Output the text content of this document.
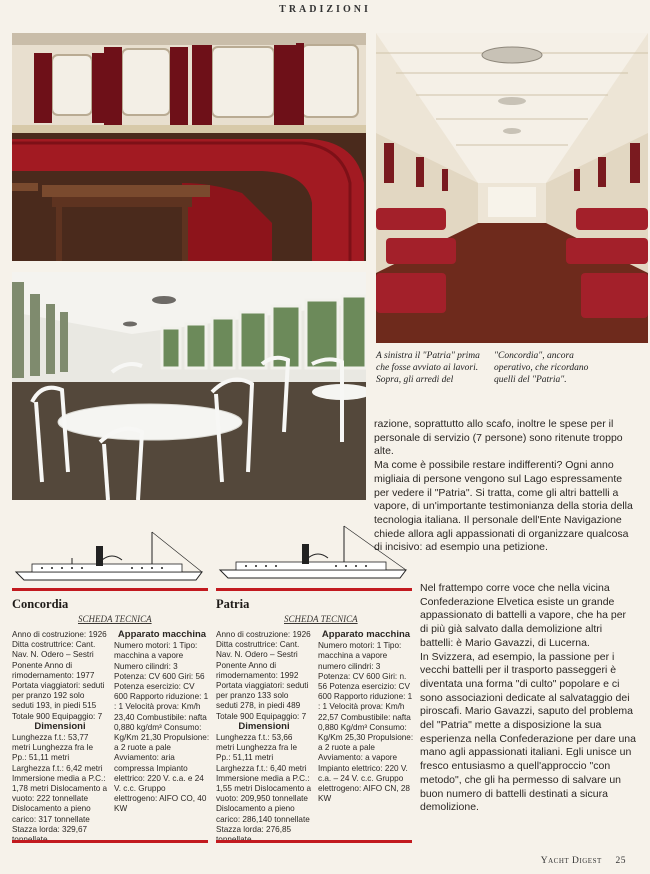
TRADIZIONI
A sinistra il "Patria" prima che fosse avviato ai lavori. Sopra, gli arredi del
"Concordia", ancora operativo, che ricordano quelli del "Patria".

razione, soprattutto allo scafo, inoltre le spese per il personale di servizio (7 persone) sono ritenute troppo alte.

Ma come è possibile restare indifferenti? Ogni anno migliaia di persone vengono sul Lago espressamente per vedere il "Patria". Si tratta, come gli altri battelli a vapore, di un'importante testimonianza della storia della tecnologia italiana. Il personale dell'Ente Navigazione chiede allora agli appassionati di organizzare qualcosa di incisivo: ad esempio una petizione.

Nel frattempo corre voce che nella vicina Confederazione Elvetica esiste un grande appassionato di battelli a vapore, che ha per di più già salvato dalla demolizione altri battelli: è Mario Gavazzi, di Lucerna.

In Svizzera, ad esempio, la passione per i vecchi battelli per il trasporto passeggeri è diventata una forma "di culto" popolare e ci sono associazioni dedicate al salvataggio dei piroscafi. Mario Gavazzi, saputo del problema del "Patria" mette a disposizione la sua esperienza nella Confederazione per dare una mano agli appassionati italiani. Egli unisce un fresco entusiasmo a quell'approccio "con metodo", che gli ha permesso di salvare un buon numero di battelli destinati a sicura demolizione.

Concordia
SCHEDA TECNICA
Anno di costruzione: 1926 Ditta costruttrice: Cant. Nav. N. Odero – Sestri Ponente Anno di rimodernamento: 1977 Portata viaggiatori: seduti per pranzo 192 solo seduti 193, in piedi 515 Totale 900 Equipaggio: 7
Dimensioni
Lunghezza f.t.: 53,77 metri Lunghezza fra le Pp.: 51,11 metri Larghezza f.t.: 6,42 metri Immersione media a P.C.: 1,78 metri Dislocamento a vuoto: 222 tonnellate Dislocamento a pieno carico: 317 tonnellate Stazza lorda: 329,67
Apparato macchina
Numero motori: 1 Tipo: macchina a vapore Numero cilindri: 3 Potenza: CV 600 Giri: 56 Potenza esercizio: CV 600 Rapporto riduzione: 1 : 1 Velocità prova: Km/h 23,40 Combustibile: nafta 0,880 kg/dm³ Consumo: Kg/Km 21,30 Propulsione: a 2 ruote a pale Avviamento: aria compressa Impianto elettrico: 220 V. c.a. e 24 V. c.c. Gruppo elettrogeno: AIFO CO, 40 KW
Patria
SCHEDA TECNICA
Anno di costruzione: 1926 Ditta costruttrice: Cant. Nav. N. Odero – Sestri Ponente Anno di rimodernamento: 1992 Portata viaggiatori: seduti per pranzo 133 solo seduti 278, in piedi 489 Totale 900 Equipaggio: 7
Dimensioni
Lunghezza f.t.: 53,66 metri Lunghezza fra le Pp.: 51,11 metri Larghezza f.t.: 6,40 metri Immersione media a P.C.: 1,55 metri Dislocamento a vuoto: 209,950 tonnellate Dislocamento a pieno carico: 286,140 tonnellate Stazza lorda: 276,85
Apparato macchina
Numero motori: 1 Tipo: macchina a vapore numero cilindri: 3 Potenza: CV 600 Giri: n. 56 Potenza esercizio: CV 600 Rapporto riduzione: 1 : 1 Velocità prova: Km/h 22,57 Combustibile: nafta 0,880 Kg/dm³ Consumo: Kg/Km 25,30 Propulsione: a 2 ruote a pale Avviamento: a vapore Impianto elettrico: 220 V. c.a. – 24 V. c.c. Gruppo elettrogeno: AIFO CN, 28 KW
Yacht Digest 25
